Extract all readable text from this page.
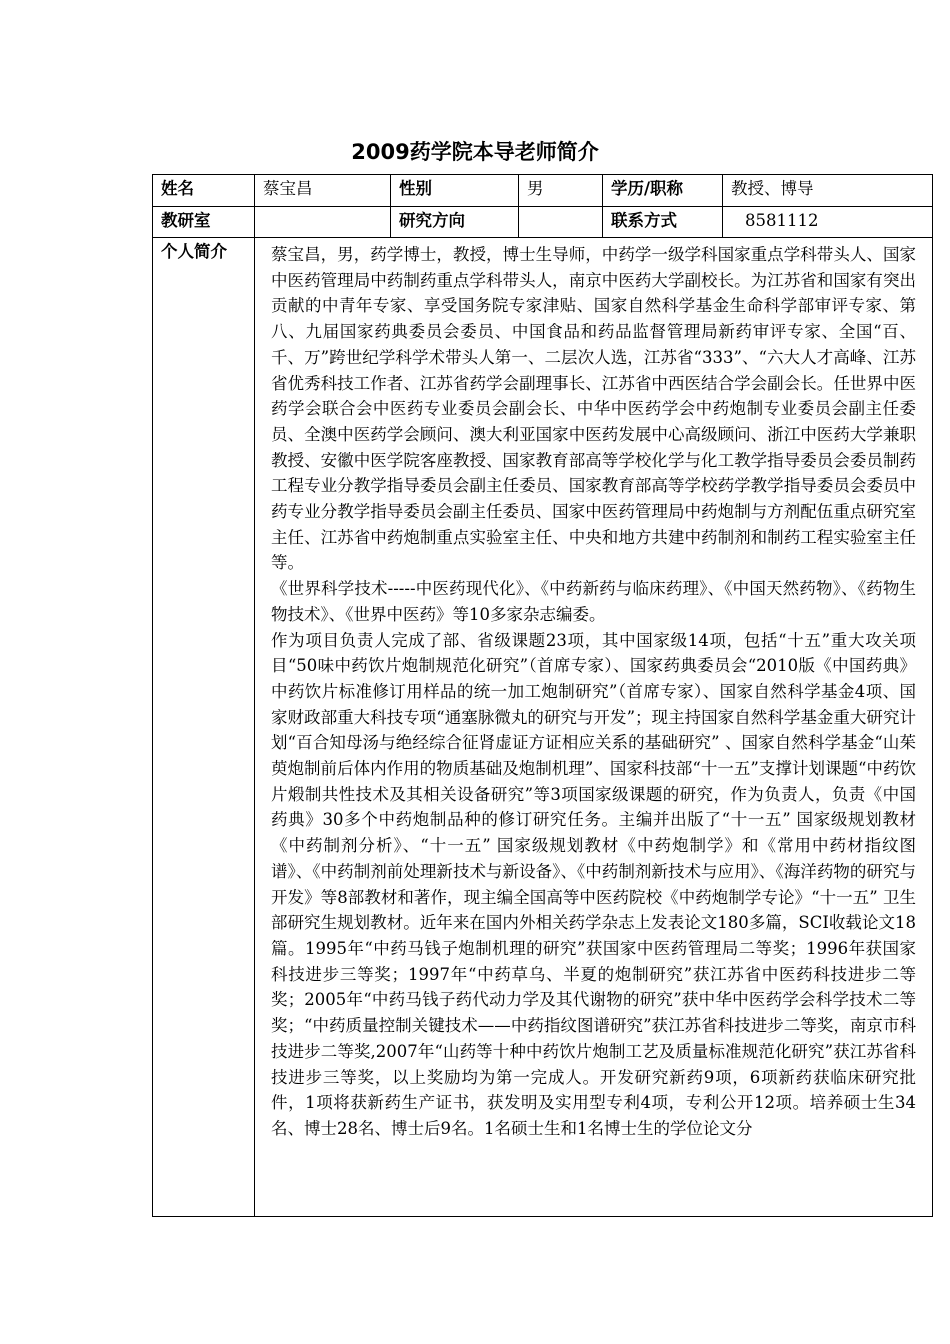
2009药学院本导老师简介
姓名	蔡宝昌	性别	男	学历/职称	教授、博导
教研室		研究方向		联系方式	8581112
个人简介	蔡宝昌，男，药学博士，教授，博士生导师，中药学一级学科国家重点学科带头人、国家中医药管理局中药制药重点学科带头人，南京中医药大学副校长。为江苏省和国家有突出贡献的中青年专家、享受国务院专家津贴、国家自然科学基金生命科学部审评专家、第八、九届国家药典委员会委员、中国食品和药品监督管理局新药审评专家、全国“百、千、万”跨世纪学科学术带头人第一、二层次人选，江苏省“333”、“六大人才高峰、江苏省优秀科技工作者、江苏省药学会副理事长、江苏省中西医结合学会副会长。任世界中医药学会联合会中医药专业委员会副会长、中华中医药学会中药炮制专业委员会副主任委员、全澳中医药学会顾问、澳大利亚国家中医药发展中心高级顾问、浙江中医药大学兼职教授、安徽中医学院客座教授、国家教育部高等学校化学与化工教学指导委员会委员制药工程专业分教学指导委员会副主任委员、国家教育部高等学校药学教学指导委员会委员中药专业分教学指导委员会副主任委员、国家中医药管理局中药炮制与方剂配伍重点研究室主任、江苏省中药炮制重点实验室主任、中央和地方共建中药制剂和制药工程实验室主任等。

《世界科学技术-----中医药现代化》、《中药新药与临床药理》、《中国天然药物》、《药物生物技术》、《世界中医药》等10多家杂志编委。

作为项目负责人完成了部、省级课题23项，其中国家级14项，包括“十五”重大攻关项目“50味中药饮片炮制规范化研究”（首席专家）、国家药典委员会“2010版《中国药典》中药饮片标准修订用样品的统一加工炮制研究”（首席专家）、国家自然科学基金4项、国家财政部重大科技专项“通塞脉微丸的研究与开发”；现主持国家自然科学基金重大研究计划“百合知母汤与绝经综合征肾虚证方证相应关系的基础研究” 、国家自然科学基金“山茱萸炮制前后体内作用的物质基础及炮制机理”、国家科技部“十一五”支撑计划课题“中药饮片煅制共性技术及其相关设备研究”等3项国家级课题的研究，作为负责人，负责《中国药典》30多个中药炮制品种的修订研究任务。主编并出版了“十一五” 国家级规划教材《中药制剂分析》、“十一五” 国家级规划教材《中药炮制学》和《常用中药材指纹图谱》、《中药制剂前处理新技术与新设备》、《中药制剂新技术与应用》、《海洋药物的研究与开发》等8部教材和著作，现主编全国高等中医药院校《中药炮制学专论》“十一五” 卫生部研究生规划教材。近年来在国内外相关药学杂志上发表论文180多篇，SCI收载论文18篇。1995年“中药马钱子炮制机理的研究”获国家中医药管理局二等奖；1996年获国家科技进步三等奖；1997年“中药草乌、半夏的炮制研究”获江苏省中医药科技进步二等奖；2005年“中药马钱子药代动力学及其代谢物的研究”获中华中医药学会科学技术二等奖；“中药质量控制关键技术——中药指纹图谱研究”获江苏省科技进步二等奖，南京市科技进步二等奖,2007年“山药等十种中药饮片炮制工艺及质量标准规范化研究”获江苏省科技进步三等奖，以上奖励均为第一完成人。开发研究新药9项，6项新药获临床研究批件，1项将获新药生产证书，获发明及实用型专利4项，专利公开12项。培养硕士生34名、博士28名、博士后9名。1名硕士生和1名博士生的学位论文分				
